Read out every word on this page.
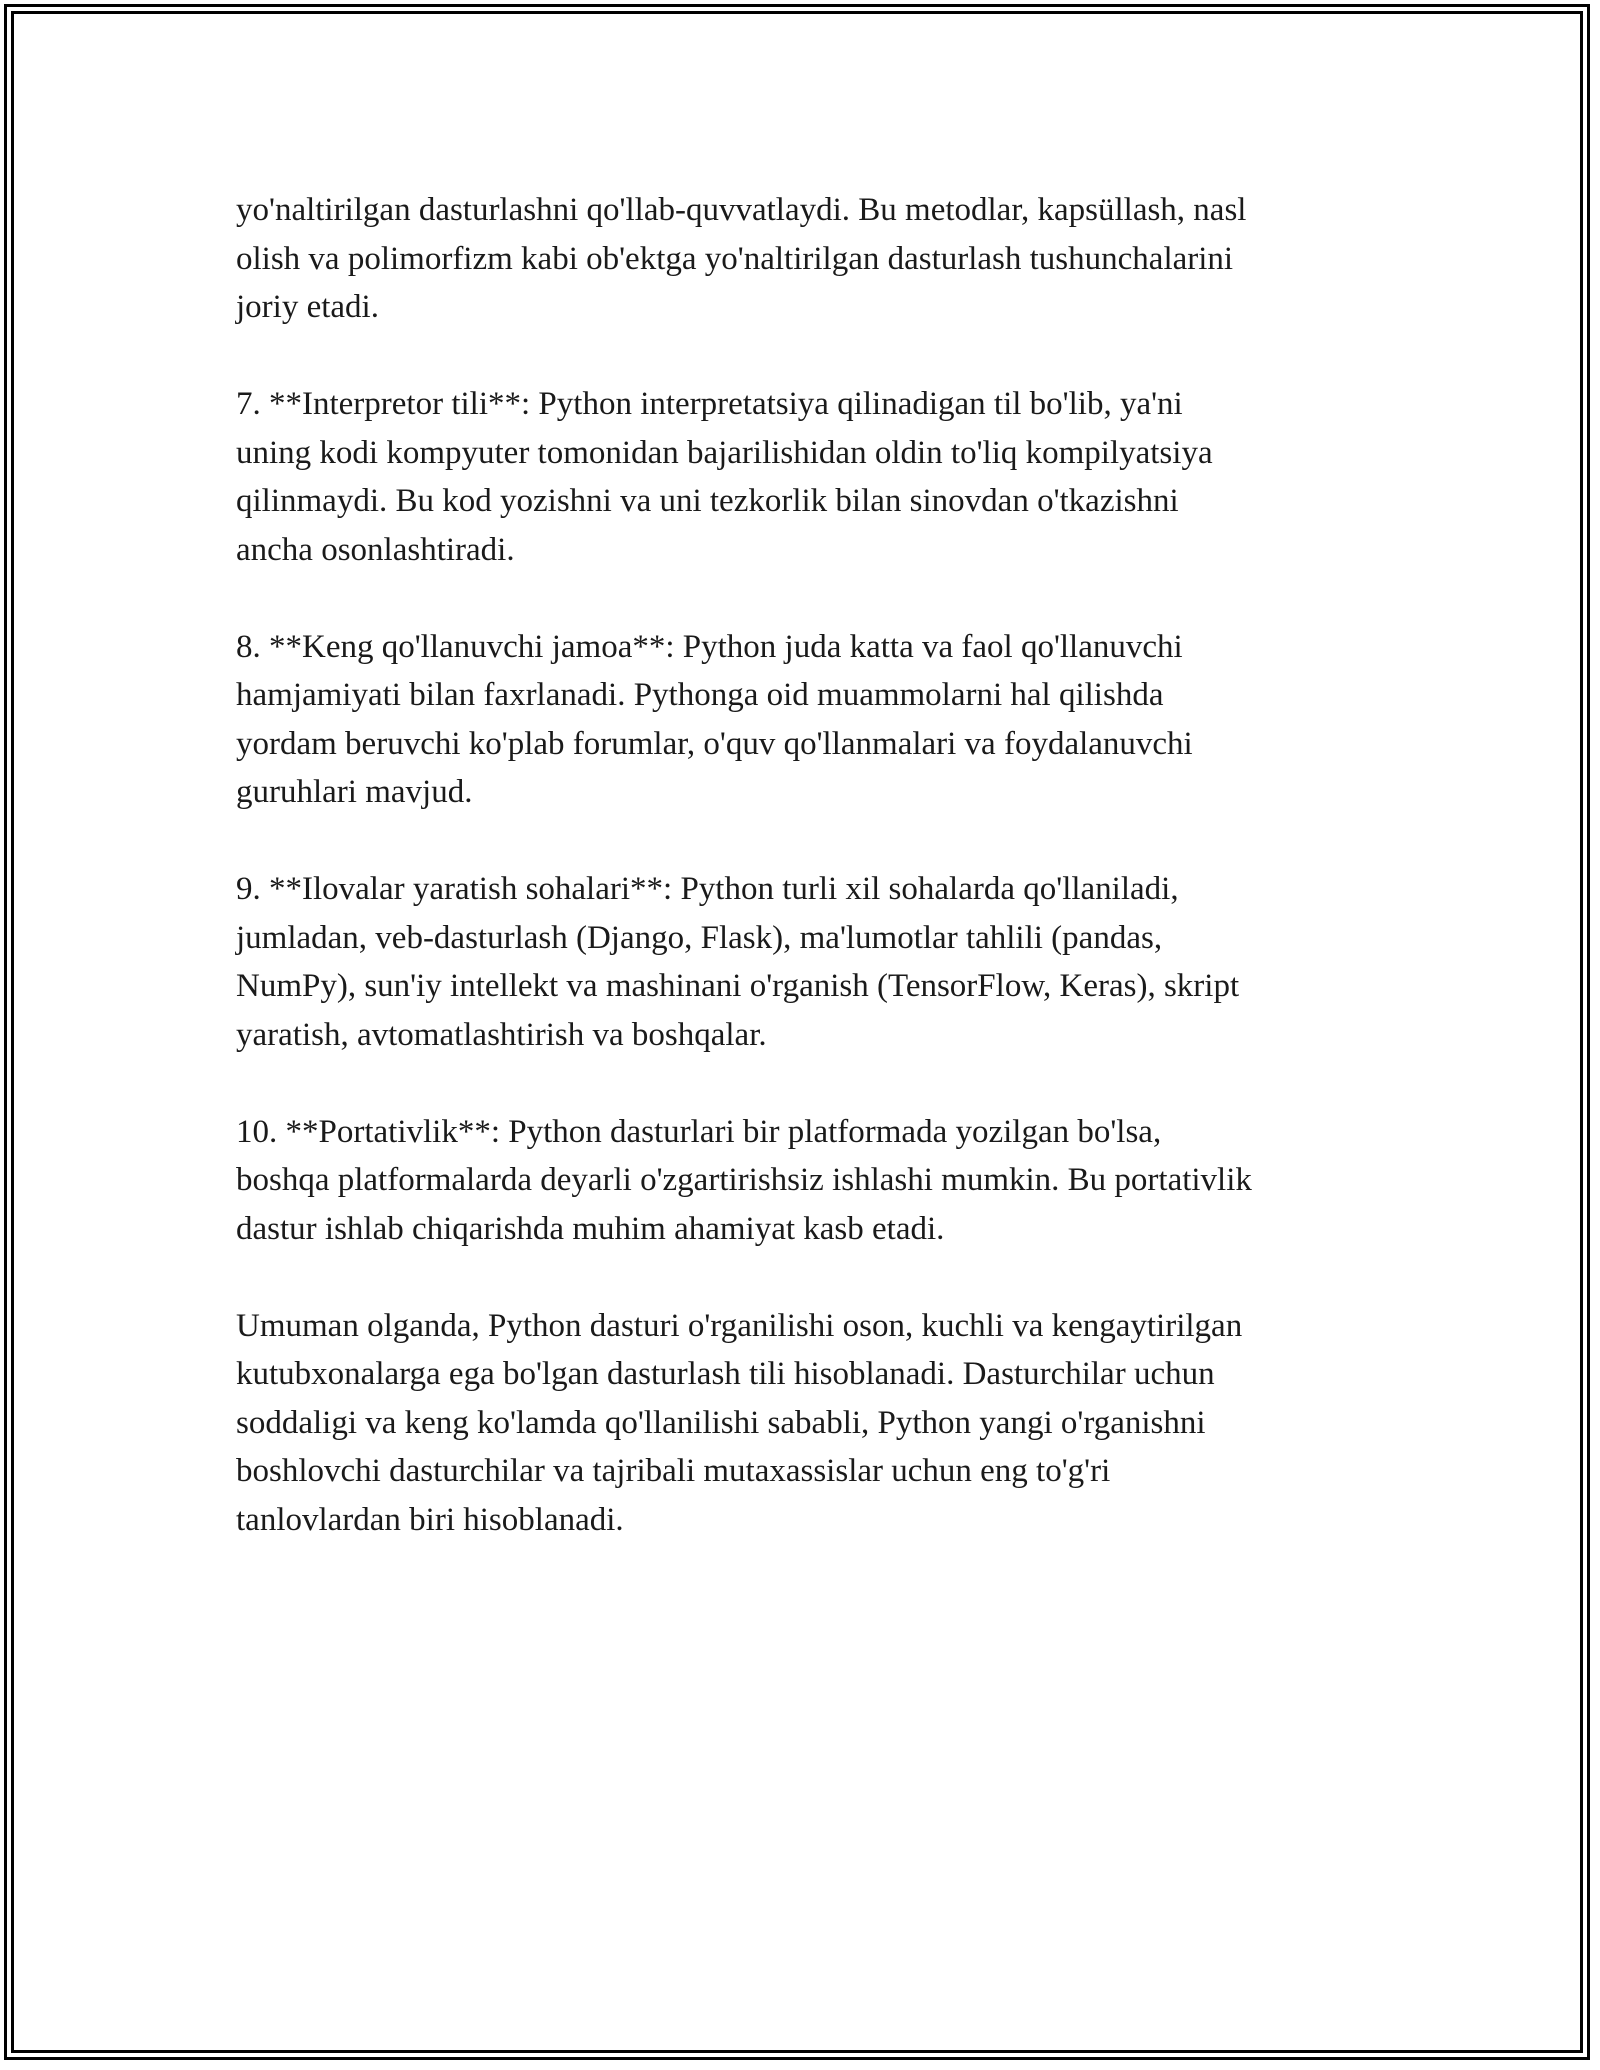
yo'naltirilgan dasturlashni qo'llab-quvvatlaydi. Bu metodlar, kapsüllash, nasl
olish va polimorfizm kabi ob'ektga yo'naltirilgan dasturlash tushunchalarini
joriy etadi.

7. **Interpretor tili**: Python interpretatsiya qilinadigan til bo'lib, ya'ni
uning kodi kompyuter tomonidan bajarilishidan oldin to'liq kompilyatsiya
qilinmaydi. Bu kod yozishni va uni tezkorlik bilan sinovdan o'tkazishni
ancha osonlashtiradi.

8. **Keng qo'llanuvchi jamoa**: Python juda katta va faol qo'llanuvchi
hamjamiyati bilan faxrlanadi. Pythonga oid muammolarni hal qilishda
yordam beruvchi ko'plab forumlar, o'quv qo'llanmalari va foydalanuvchi
guruhlari mavjud.

9. **Ilovalar yaratish sohalari**: Python turli xil sohalarda qo'llaniladi,
jumladan, veb-dasturlash (Django, Flask), ma'lumotlar tahlili (pandas,
NumPy), sun'iy intellekt va mashinani o'rganish (TensorFlow, Keras), skript
yaratish, avtomatlashtirish va boshqalar.

10. **Portativlik**: Python dasturlari bir platformada yozilgan bo'lsa,
boshqa platformalarda deyarli o'zgartirishsiz ishlashi mumkin. Bu portativlik
dastur ishlab chiqarishda muhim ahamiyat kasb etadi.

Umuman olganda, Python dasturi o'rganilishi oson, kuchli va kengaytirilgan
kutubxonalarga ega bo'lgan dasturlash tili hisoblanadi. Dasturchilar uchun
soddaligi va keng ko'lamda qo'llanilishi sababli, Python yangi o'rganishni
boshlovchi dasturchilar va tajribali mutaxassislar uchun eng to'g'ri
tanlovlardan biri hisoblanadi.
